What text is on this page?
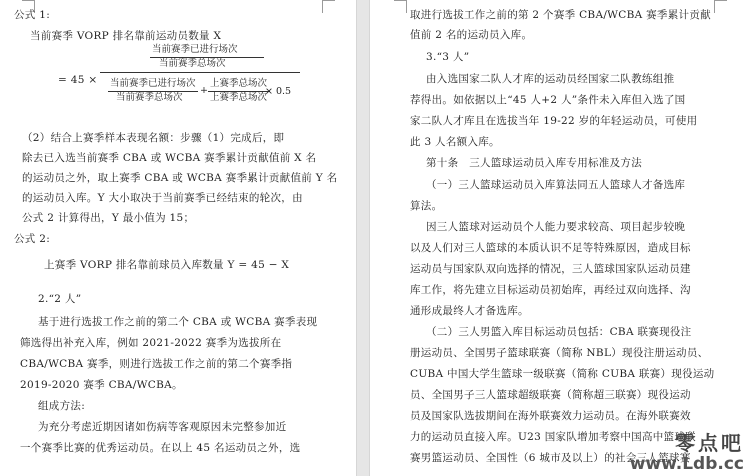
公式 1:
当前赛季 VORP 排名靠前运动员数量 X
= 45 ×
当前赛季已进行场次
当前赛季总场次
当前赛季已进行场次
当前赛季总场次
+
上赛季总场次
上赛季总场次
× 0.5
（2）结合上赛季样本表现名额：步骤（1）完成后，即
除去已入选当前赛季 CBA 或 WCBA 赛季累计贡献值前 X 名
的运动员之外，取上赛季 CBA 或 WCBA 赛季累计贡献值前 Y 名
的运动员入库。Y 大小取决于当前赛季已经结束的轮次，由
公式 2 计算得出，Y 最小值为 15；
公式 2:
上赛季 VORP 排名靠前球员入库数量 Y = 45 − X
2.“2 人”
基于进行选拔工作之前的第二个 CBA 或 WCBA 赛季表现
筛选得出补充入库，例如 2021-2022 赛季为选拔所在
CBA/WCBA 赛季，则进行选拔工作之前的第二个赛季指
2019-2020 赛季 CBA/WCBA。
组成方法:
为充分考虑近期因诸如伤病等客观原因未完整参加近
一个赛季比赛的优秀运动员。在以上 45 名运动员之外，选
取进行选拔工作之前的第 2 个赛季 CBA/WCBA 赛季累计贡献
值前 2 名的运动员入库。
3.“3 人”
由入选国家二队人才库的运动员经国家二队教练组推
荐得出。如依据以上“45 人+2 人”条件未入库但入选了国
家二队人才库且在选拔当年 19-22 岁的年轻运动员，可使用
此 3 人名额入库。
第十条　三人篮球运动员入库专用标准及方法
（一）三人篮球运动员入库算法同五人篮球人才备选库
算法。
因三人篮球对运动员个人能力要求较高、项目起步较晚
以及人们对三人篮球的本质认识不足等特殊原因，造成目标
运动员与国家队双向选择的情况，三人篮球国家队运动员建
库工作，将先建立目标运动员初始库，再经过双向选择、沟
通形成最终人才备选库。
（二）三人男篮入库目标运动员包括：CBA 联赛现役注
册运动员、全国男子篮球联赛（简称 NBL）现役注册运动员、
CUBA 中国大学生篮球一级联赛（简称 CUBA 联赛）现役运动
员、全国男子三人篮球超级联赛（简称超三联赛）现役运动
员及国家队选拔期间在海外联赛效力运动员。在海外联赛效
力的运动员直接入库。U23 国家队增加考察中国高中篮球联
赛男篮运动员、全国性（6 城市及以上）的社会三人篮球赛
零点吧
www.Ldb.cc
